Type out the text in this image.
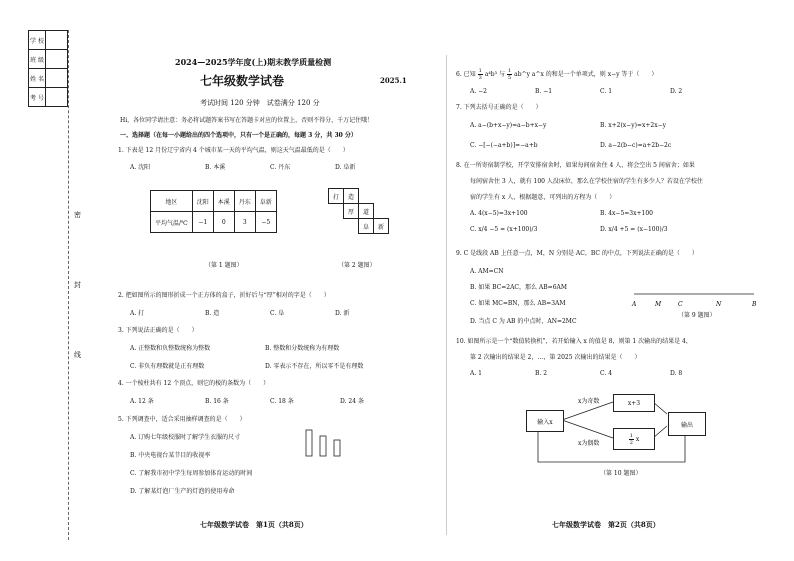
学 校	
班 级	
姓 名	
考 号	
密
封
线
2024—2025学年度(上)期末教学质量检测
七年级数学试卷	2025.1
考试时间 120 分钟　试卷满分 120 分
Hi，各位同学请注意：务必将试题答案书写在答题卡对应的位置上，否则不得分，千万记住哦！
一、选择题（在每一小题给出的四个选项中，只有一个是正确的，每题 3 分，共 30 分）
1. 下表是 12 月份辽宁省内 4 个城市某一天的平均气温，则这天气温最低的是（　　）
A. 沈阳	B. 本溪	C. 丹东	D. 阜新
地区	沈阳	本溪	丹东	阜新
平均气温/℃	−1	0	3	−5
（第 1 题图）
打	造		
	厚	道	
		阜	新
（第 2 题图）
2. 把如图所示的图形折成一个正方体的盒子，折好后与“厚”相对的字是（　　）
A. 打	B. 造	C. 阜	D. 新
3. 下列说法正确的是（　　）
A. 正整数和负整数统称为整数	B. 整数和分数统称为有理数
C. 非负有理数就是正有理数	D. 零表示不存在，所以零不是有理数
4. 一个棱柱共有 12 个顶点，则它的棱的条数为（　　）
A. 12 条	B. 16 条	C. 18 条	D. 24 条
5. 下列调查中，适合采用抽样调查的是（　　）
A. 订购七年级校服时了解学生衣服的尺寸
B. 中央电视台某节目的收视率
C. 了解我市初中学生每周参加体育运动的时间
D. 了解某灯泡厂生产的灯泡的使用寿命
七年级数学试卷　第1页（共8页）
6. 已知 $\frac{1}{3} a^4b^3$ 与 $\frac{1}{5}$ ab^y a^x 的和是一个单项式，则 x−y 等于（　　）
A. −2	B. −1	C. 1	D. 2
7. 下列去括号正确的是（　　）
A. a−(b+x−y)=a−b+x−y	B. x+2(x−y)=x+2x−y
C. −[−(−a+b)]=−a+b	D. a−2(b−c)=a+2b−2c
8. 在一所寄宿制学校，开学安排宿舍时，如果每间宿舍住 4 人，将会空出 5 间宿舍；如果
每间宿舍住 3 人，就有 100 人没床位，那么在学校住宿的学生有多少人？若设在学校住
宿的学生有 x 人，根据题意，可列出的方程为（　　）
A. 4(x−5)=3x+100	B. 4x−5=3x+100
C. x/4 −5 = (x+100)/3	D. x/4 +5 = (x−100)/3
9. C 是线段 AB 上任意一点，M，N 分别是 AC，BC 的中点，下列说法正确的是（　　）
A. AM=CN
B. 如果 BC=2AC，那么 AB=6AM
C. 如果 MC=BN，那么 AB=3AM
D. 当点 C 为 AB 的中点时，AN=2MC
A	M	C	N	B
（第 9 题图）
10. 如图所示是一个“数值转换机”，若开始输入 x 的值是 8，则第 1 次输出的结果是 4，
第 2 次输出的结果是 2，…，第 2025 次输出的结果是（　　）
A. 1	B. 2	C. 4	D. 8
输入x
x为奇数
x为偶数
x+3
$\frac{1}{2}$ x
输出
（第 10 题图）
七年级数学试卷　第2页（共8页）
